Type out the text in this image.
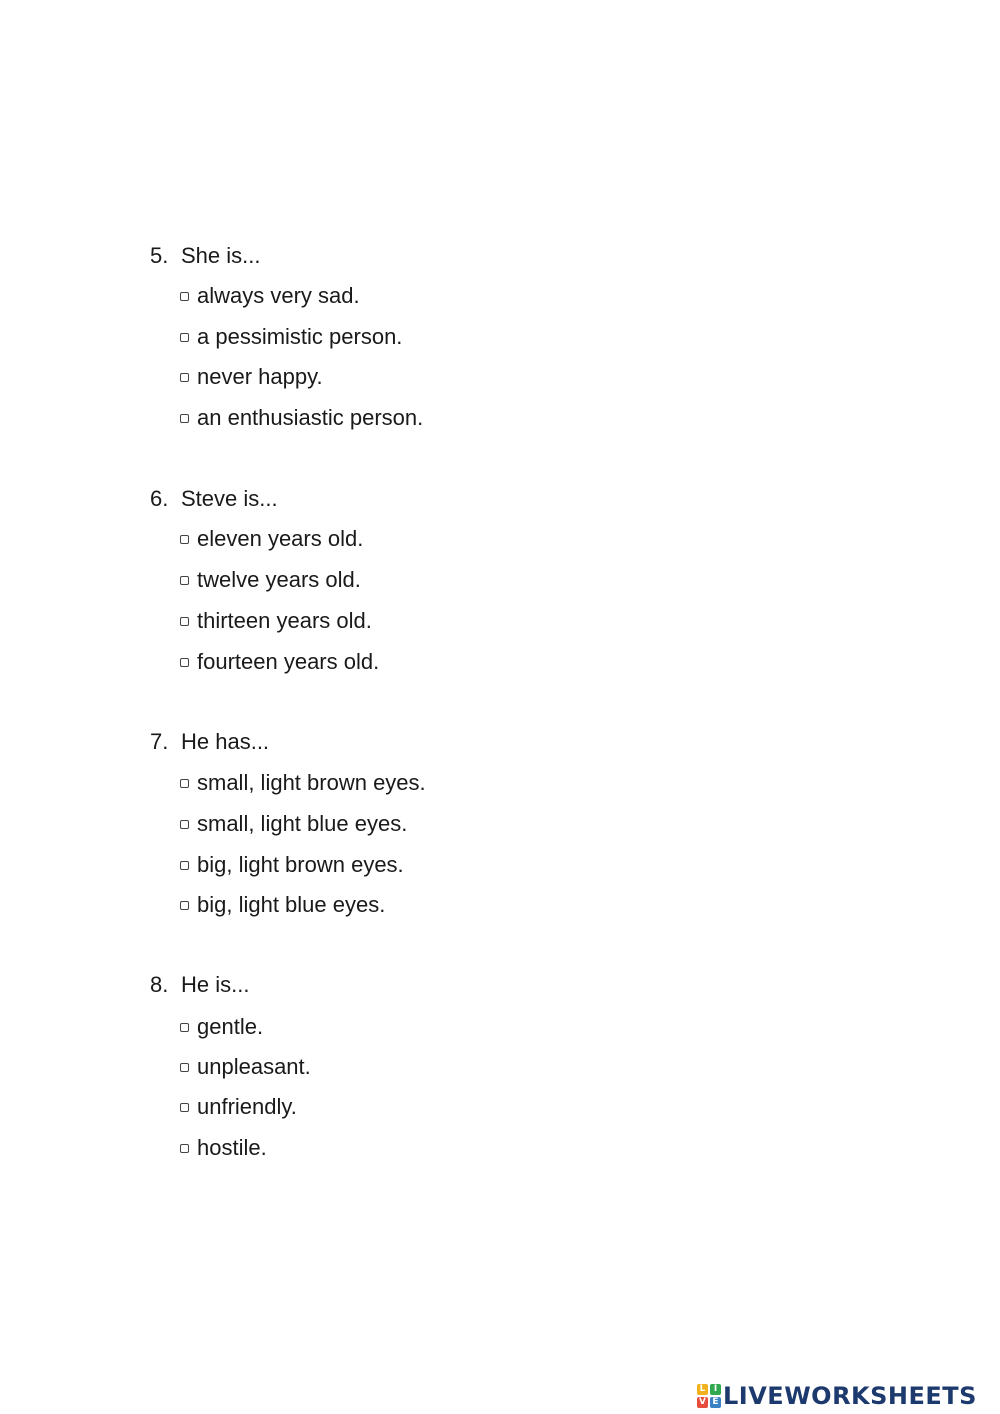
5. She is...
always very sad.
a pessimistic person.
never happy.
an enthusiastic person.
6. Steve is...
eleven years old.
twelve years old.
thirteen years old.
fourteen years old.
7. He has...
small, light brown eyes.
small, light blue eyes.
big, light brown eyes.
big, light blue eyes.
8. He is...
gentle.
unpleasant.
unfriendly.
hostile.
L I
V E LIVEWORKSHEETS
